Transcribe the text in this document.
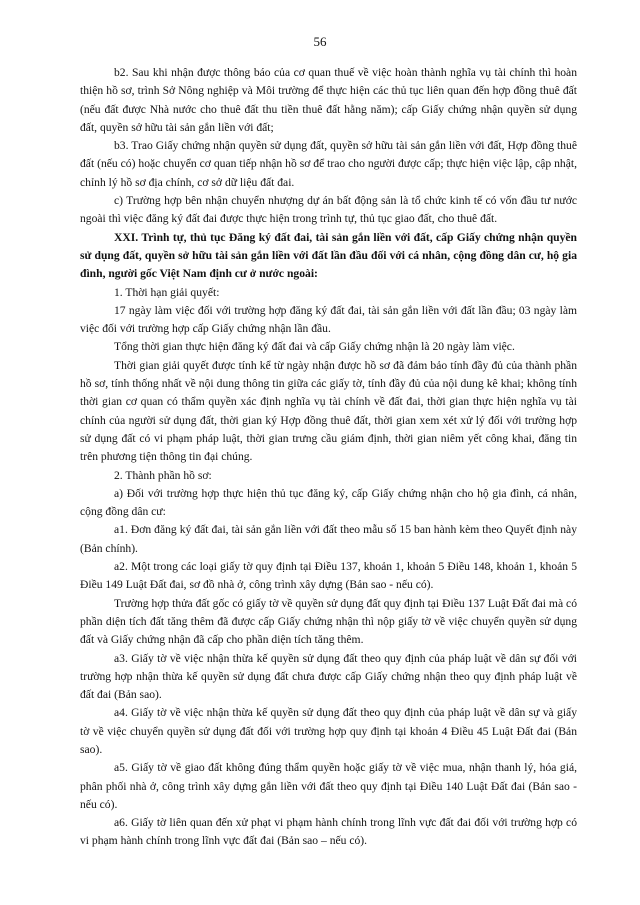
56

b2. Sau khi nhận được thông báo của cơ quan thuế về việc hoàn thành nghĩa vụ tài chính thì hoàn thiện hồ sơ, trình Sở Nông nghiệp và Môi trường để thực hiện các thủ tục liên quan đến hợp đồng thuê đất (nếu đất được Nhà nước cho thuê đất thu tiền thuê đất hằng năm); cấp Giấy chứng nhận quyền sử dụng đất, quyền sở hữu tài sản gắn liền với đất;

b3. Trao Giấy chứng nhận quyền sử dụng đất, quyền sở hữu tài sản gắn liền với đất, Hợp đồng thuê đất (nếu có) hoặc chuyển cơ quan tiếp nhận hồ sơ để trao cho người được cấp; thực hiện việc lập, cập nhật, chỉnh lý hồ sơ địa chính, cơ sở dữ liệu đất đai.

c) Trường hợp bên nhận chuyển nhượng dự án bất động sản là tổ chức kinh tế có vốn đầu tư nước ngoài thì việc đăng ký đất đai được thực hiện trong trình tự, thủ tục giao đất, cho thuê đất.

XXI. Trình tự, thủ tục Đăng ký đất đai, tài sản gắn liền với đất, cấp Giấy chứng nhận quyền sử dụng đất, quyền sở hữu tài sản gắn liền với đất lần đầu đối với cá nhân, cộng đồng dân cư, hộ gia đình, người gốc Việt Nam định cư ở nước ngoài:

1. Thời hạn giải quyết:

17 ngày làm việc đối với trường hợp đăng ký đất đai, tài sản gắn liền với đất lần đầu; 03 ngày làm việc đối với trường hợp cấp Giấy chứng nhận lần đầu.

Tổng thời gian thực hiện đăng ký đất đai và cấp Giấy chứng nhận là 20 ngày làm việc.

Thời gian giải quyết được tính kể từ ngày nhận được hồ sơ đã đảm bảo tính đầy đủ của thành phần hồ sơ, tính thống nhất về nội dung thông tin giữa các giấy tờ, tính đầy đủ của nội dung kê khai; không tính thời gian cơ quan có thẩm quyền xác định nghĩa vụ tài chính về đất đai, thời gian thực hiện nghĩa vụ tài chính của người sử dụng đất, thời gian ký Hợp đồng thuê đất, thời gian xem xét xử lý đối với trường hợp sử dụng đất có vi phạm pháp luật, thời gian trưng cầu giám định, thời gian niêm yết công khai, đăng tin trên phương tiện thông tin đại chúng.

2. Thành phần hồ sơ:

a) Đối với trường hợp thực hiện thủ tục đăng ký, cấp Giấy chứng nhận cho hộ gia đình, cá nhân, cộng đồng dân cư:

a1. Đơn đăng ký đất đai, tài sản gắn liền với đất theo mẫu số 15 ban hành kèm theo Quyết định này (Bản chính).

a2. Một trong các loại giấy tờ quy định tại Điều 137, khoản 1, khoản 5 Điều 148, khoản 1, khoản 5 Điều 149 Luật Đất đai, sơ đồ nhà ở, công trình xây dựng (Bản sao - nếu có).

Trường hợp thửa đất gốc có giấy tờ về quyền sử dụng đất quy định tại Điều 137 Luật Đất đai mà có phần diện tích đất tăng thêm đã được cấp Giấy chứng nhận thì nộp giấy tờ về việc chuyển quyền sử dụng đất và Giấy chứng nhận đã cấp cho phần diện tích tăng thêm.

a3. Giấy tờ về việc nhận thừa kế quyền sử dụng đất theo quy định của pháp luật về dân sự đối với trường hợp nhận thừa kế quyền sử dụng đất chưa được cấp Giấy chứng nhận theo quy định pháp luật về đất đai (Bản sao).

a4. Giấy tờ về việc nhận thừa kế quyền sử dụng đất theo quy định của pháp luật về dân sự và giấy tờ về việc chuyển quyền sử dụng đất đối với trường hợp quy định tại khoản 4 Điều 45 Luật Đất đai (Bản sao).

a5. Giấy tờ về giao đất không đúng thẩm quyền hoặc giấy tờ về việc mua, nhận thanh lý, hóa giá, phân phối nhà ở, công trình xây dựng gắn liền với đất theo quy định tại Điều 140 Luật Đất đai (Bản sao - nếu có).

a6. Giấy tờ liên quan đến xử phạt vi phạm hành chính trong lĩnh vực đất đai đối với trường hợp có vi phạm hành chính trong lĩnh vực đất đai (Bản sao – nếu có).
